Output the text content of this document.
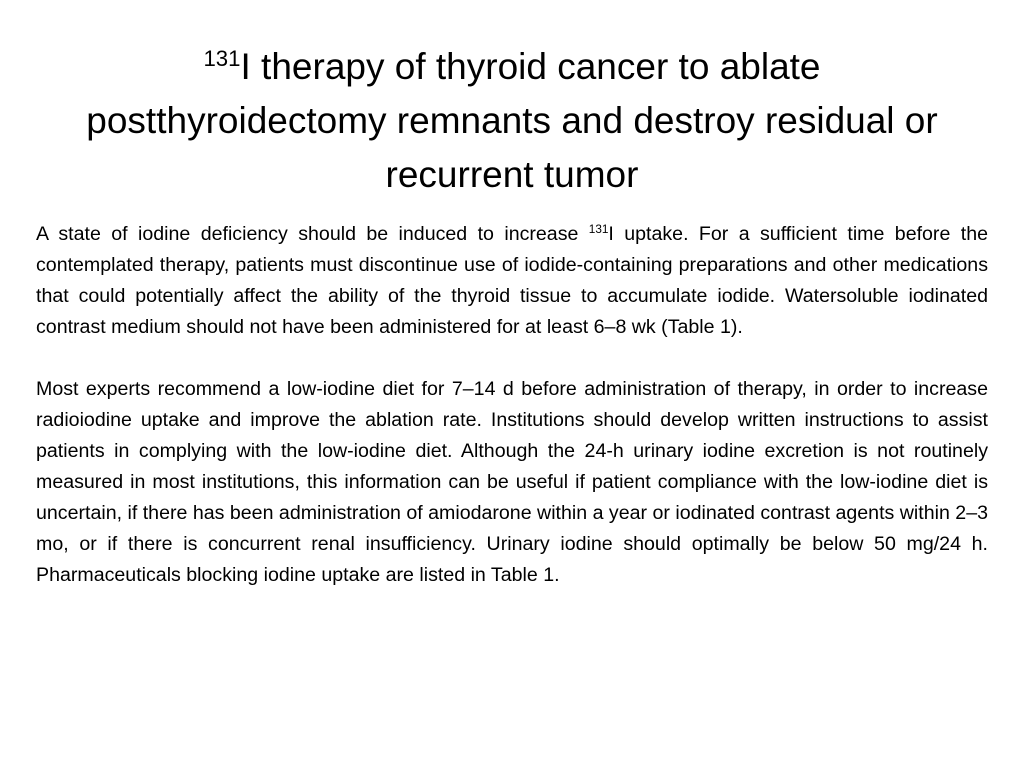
$^{131}$I therapy of thyroid cancer to ablate postthyroidectomy remnants and destroy residual or recurrent tumor

A state of iodine deficiency should be induced to increase $^{131}$I uptake. For a sufficient time before the contemplated therapy, patients must discontinue use of iodide-containing preparations and other medications that could potentially affect the ability of the thyroid tissue to accumulate iodide. Watersoluble iodinated contrast medium should not have been administered for at least 6–8 wk (Table 1).

Most experts recommend a low-iodine diet for 7–14 d before administration of therapy, in order to increase radioiodine uptake and improve the ablation rate. Institutions should develop written instructions to assist patients in complying with the low-iodine diet. Although the 24-h urinary iodine excretion is not routinely measured in most institutions, this information can be useful if patient compliance with the low-iodine diet is uncertain, if there has been administration of amiodarone within a year or iodinated contrast agents within 2–3 mo, or if there is concurrent renal insufficiency. Urinary iodine should optimally be below 50 mg/24 h. Pharmaceuticals blocking iodine uptake are listed in Table 1.
